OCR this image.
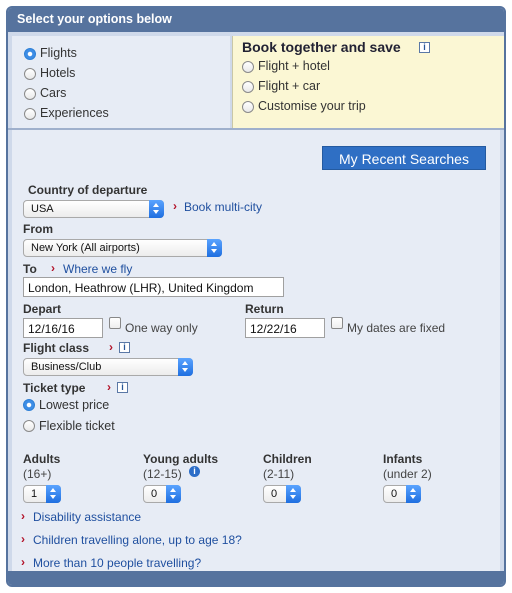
Select your options below
Flights
Hotels
Cars
Experiences
Book together and save	i
Flight + hotel
Flight + car
Customise your trip
My Recent Searches
Country of departure
USA	› Book multi-city
From
New York (All airports)
To › Where we fly
London, Heathrow (LHR), United Kingdom
Depart
12/16/16	One way only
Return
12/22/16	My dates are fixed
Flight class ›	i
Business/Club
Ticket type ›	i
Lowest price
Flexible ticket
Adults
(16+)
1
Young adults
(12-15)	i
0
Children
(2-11)
0
Infants
(under 2)
0
› Disability assistance
› Children travelling alone, up to age 18?
› More than 10 people travelling?
